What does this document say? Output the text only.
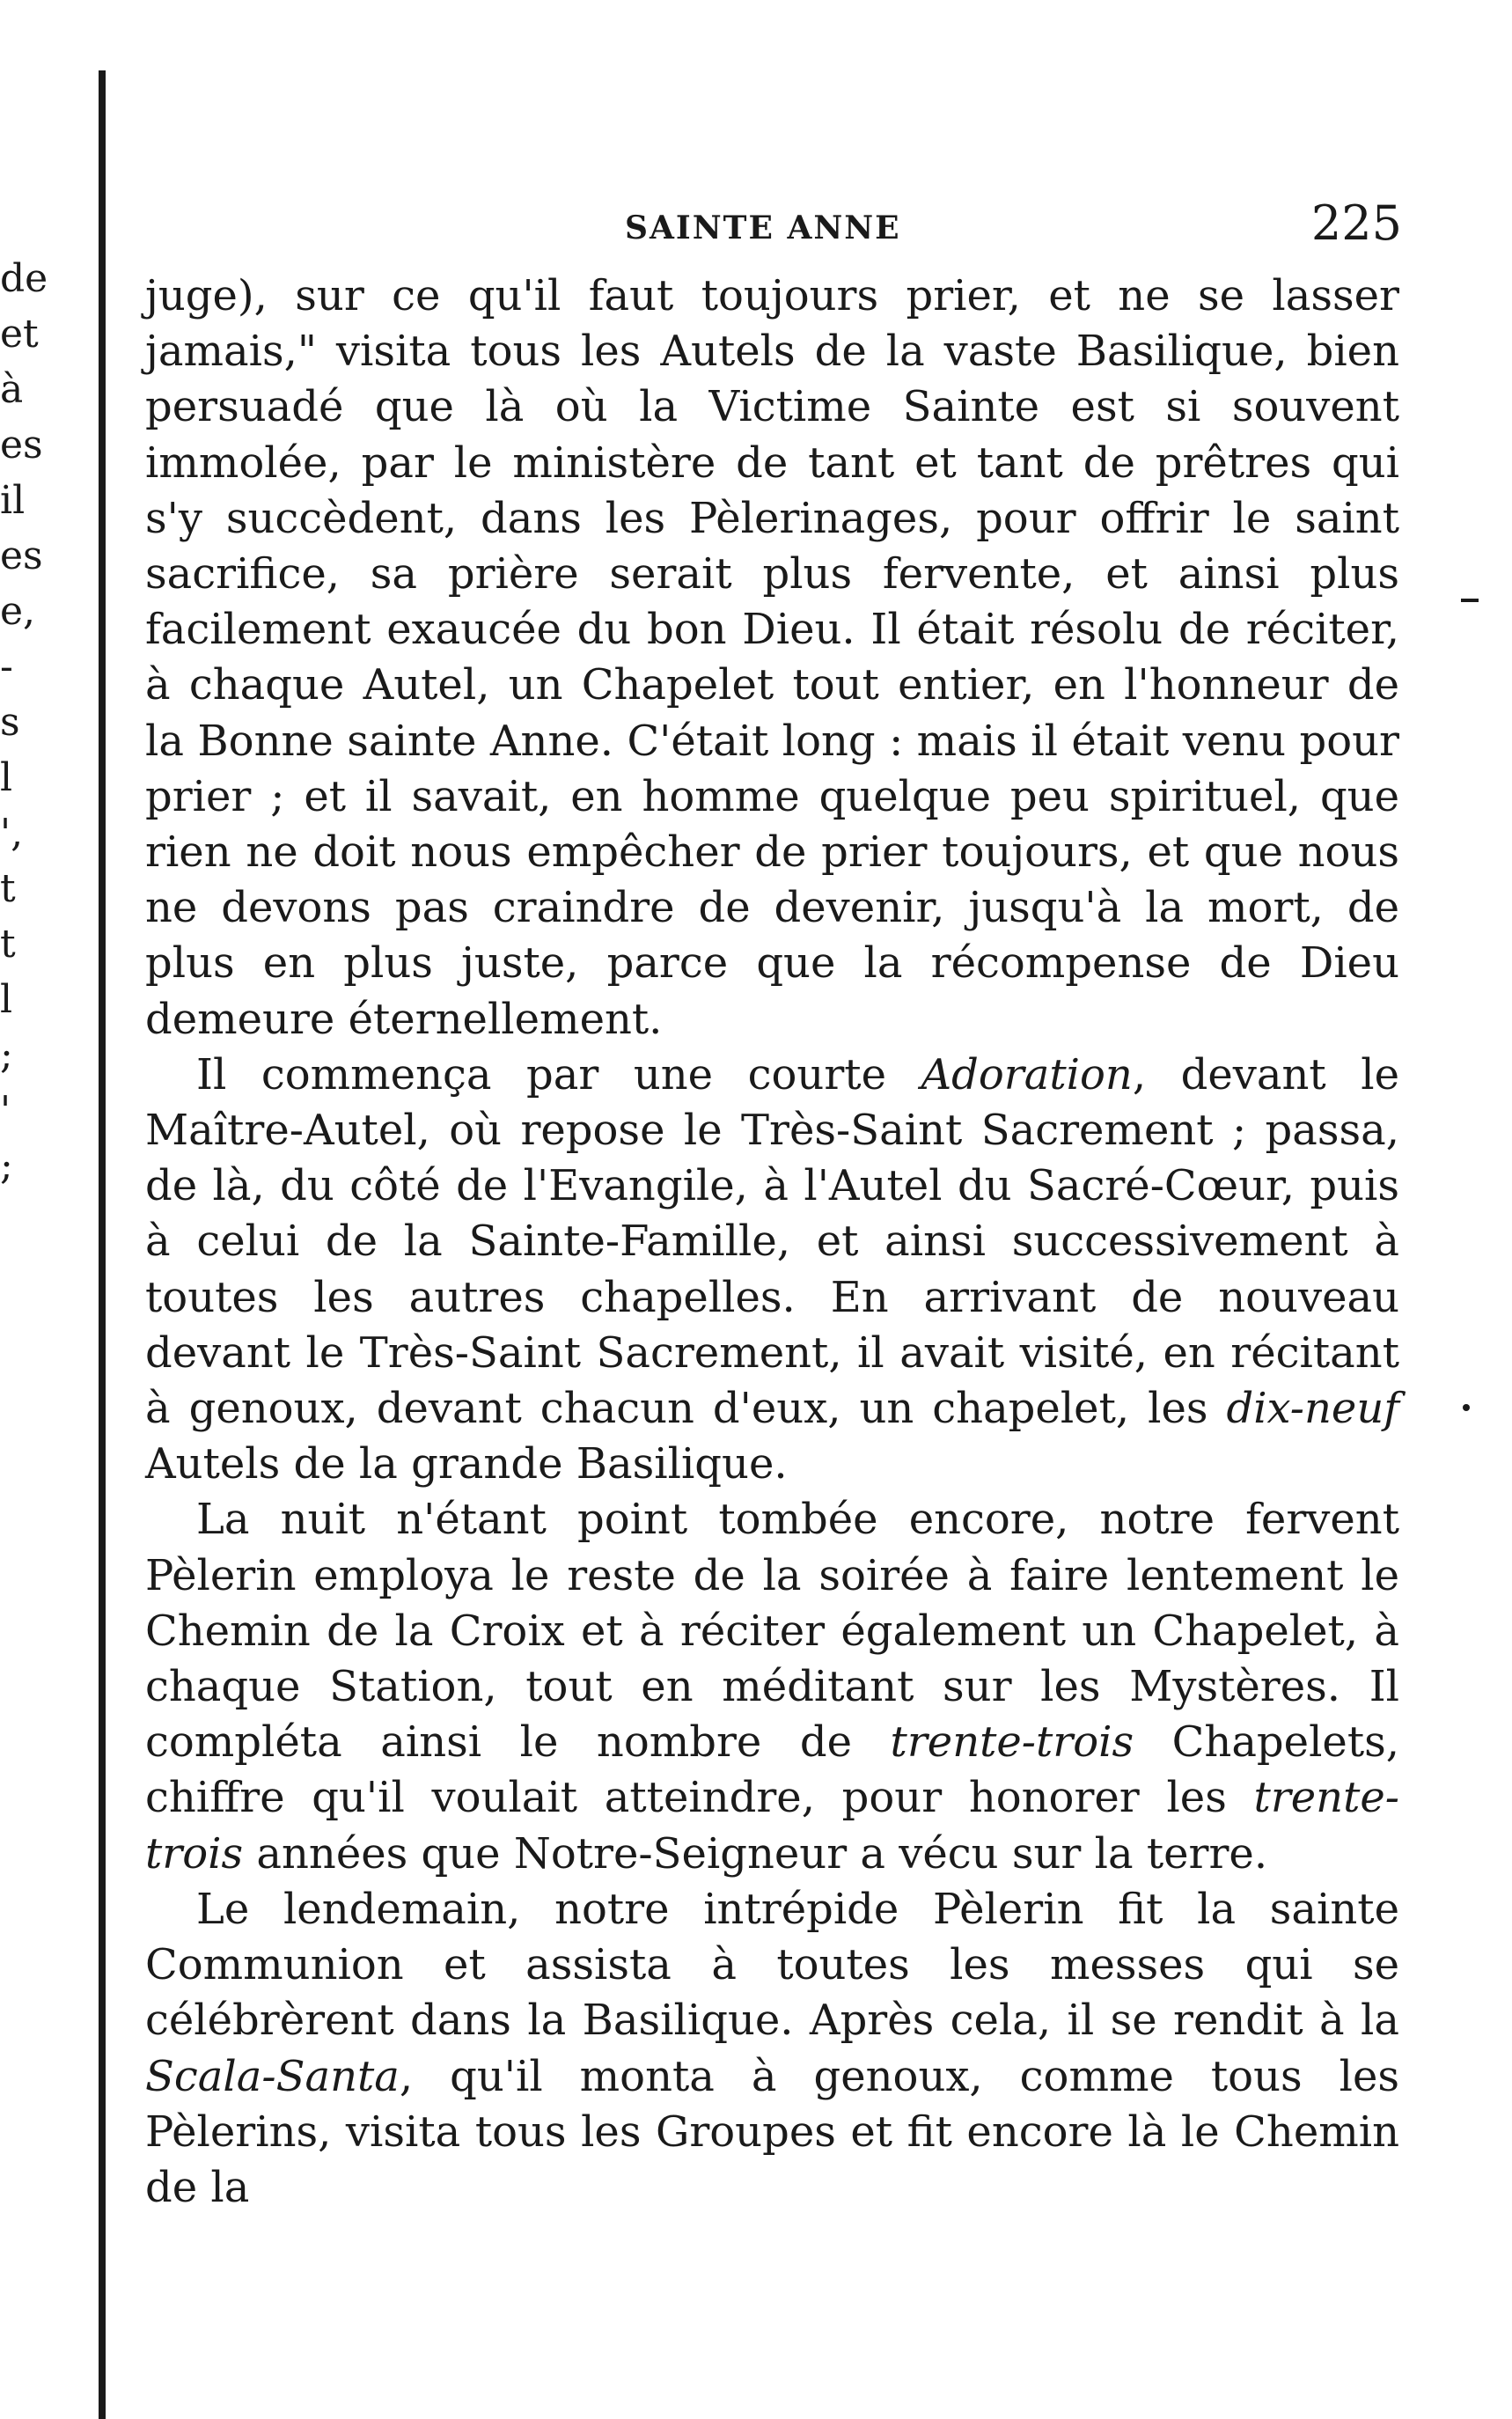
de
et
à
es
il
es
e,
-
s
l
',
t
t
l
;
'
;
SAINTE ANNE	225

juge), sur ce qu'il faut toujours prier, et ne se lasser jamais," visita tous les Autels de la vaste Basilique, bien persuadé que là où la Victime Sainte est si souvent immolée, par le ministère de tant et tant de prêtres qui s'y succèdent, dans les Pèlerinages, pour offrir le saint sacrifice, sa prière serait plus fervente, et ainsi plus facilement exaucée du bon Dieu. Il était résolu de réciter, à chaque Autel, un Chapelet tout entier, en l'honneur de la Bonne sainte Anne. C'était long : mais il était venu pour prier ; et il savait, en homme quelque peu spirituel, que rien ne doit nous empêcher de prier toujours, et que nous ne devons pas craindre de devenir, jusqu'à la mort, de plus en plus juste, parce que la récompense de Dieu demeure éternellement.

Il commença par une courte Adoration, devant le Maître-Autel, où repose le Très-Saint Sacrement ; passa, de là, du côté de l'Evangile, à l'Autel du Sacré-Cœur, puis à celui de la Sainte-Famille, et ainsi successivement à toutes les autres chapelles. En arrivant de nouveau devant le Très-Saint Sacrement, il avait visité, en récitant à genoux, devant chacun d'eux, un chapelet, les dix-neuf Autels de la grande Basilique.

La nuit n'étant point tombée encore, notre fervent Pèlerin employa le reste de la soirée à faire lentement le Chemin de la Croix et à réciter également un Chapelet, à chaque Station, tout en méditant sur les Mystères. Il compléta ainsi le nombre de trente-trois Chapelets, chiffre qu'il voulait atteindre, pour honorer les trente-trois années que Notre-Seigneur a vécu sur la terre.

Le lendemain, notre intrépide Pèlerin fit la sainte Communion et assista à toutes les messes qui se célébrèrent dans la Basilique. Après cela, il se rendit à la Scala-Santa, qu'il monta à genoux, comme tous les Pèlerins, visita tous les Groupes et fit encore là le Chemin de la
